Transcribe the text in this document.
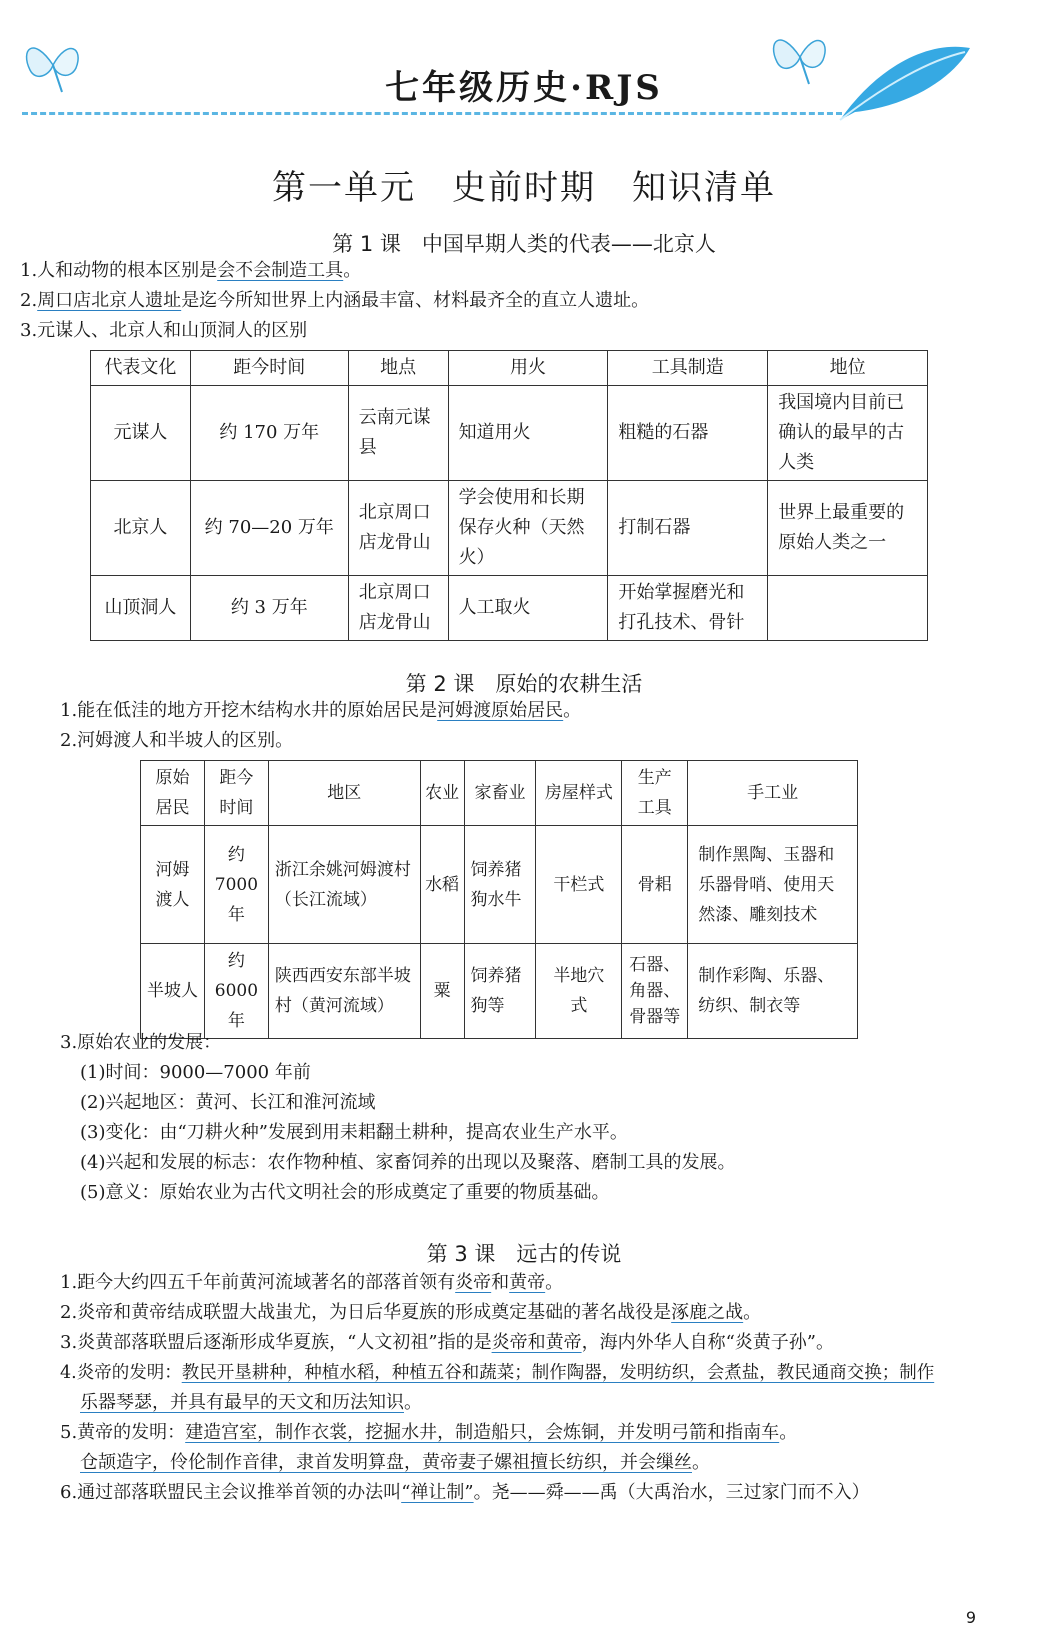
七年级历史·RJS
第一单元　史前时期　知识清单
第 1 课　中国早期人类的代表——北京人
1.人和动物的根本区别是会不会制造工具。
2.周口店北京人遗址是迄今所知世界上内涵最丰富、材料最齐全的直立人遗址。
3.元谋人、北京人和山顶洞人的区别
代表文化	距今时间	地点	用火	工具制造	地位
元谋人	约 170 万年	云南元谋县	知道用火	粗糙的石器	我国境内目前已确认的最早的古人类
北京人	约 70—20 万年	北京周口店龙骨山	学会使用和长期保存火种（天然火）	打制石器	世界上最重要的原始人类之一
山顶洞人	约 3 万年	北京周口店龙骨山	人工取火	开始掌握磨光和打孔技术、骨针	
第 2 课　原始的农耕生活
1.能在低洼的地方开挖木结构水井的原始居民是河姆渡原始居民。
2.河姆渡人和半坡人的区别。
原始居民	距今时间	地区	农业	家畜业	房屋样式	生产工具	手工业
河姆渡人	约 7000 年	浙江余姚河姆渡村（长江流域）	水稻	饲养猪狗水牛	干栏式	骨耜	制作黑陶、玉器和乐器骨哨、使用天然漆、雕刻技术
半坡人	约 6000 年	陕西西安东部半坡村（黄河流域）	粟	饲养猪狗等	半地穴式	石器、角器、骨器等	制作彩陶、乐器、纺织、制衣等
3.原始农业的发展：
(1)时间：9000—7000 年前
(2)兴起地区：黄河、长江和淮河流域
(3)变化：由“刀耕火种”发展到用耒耜翻土耕种，提高农业生产水平。
(4)兴起和发展的标志：农作物种植、家畜饲养的出现以及聚落、磨制工具的发展。
(5)意义：原始农业为古代文明社会的形成奠定了重要的物质基础。
第 3 课　远古的传说
1.距今大约四五千年前黄河流域著名的部落首领有炎帝和黄帝。
2.炎帝和黄帝结成联盟大战蚩尤，为日后华夏族的形成奠定基础的著名战役是涿鹿之战。
3.炎黄部落联盟后逐渐形成华夏族，“人文初祖”指的是炎帝和黄帝，海内外华人自称“炎黄子孙”。
4.炎帝的发明：教民开垦耕种，种植水稻，种植五谷和蔬菜；制作陶器，发明纺织，会煮盐，教民通商交换；制作
乐器琴瑟，并具有最早的天文和历法知识。
5.黄帝的发明：建造宫室，制作衣裳，挖掘水井，制造船只，会炼铜，并发明弓箭和指南车。
仓颉造字，伶伦制作音律，隶首发明算盘，黄帝妻子嫘祖擅长纺织，并会缫丝。
6.通过部落联盟民主会议推举首领的办法叫“禅让制”。尧——舜——禹（大禹治水，三过家门而不入）
9
